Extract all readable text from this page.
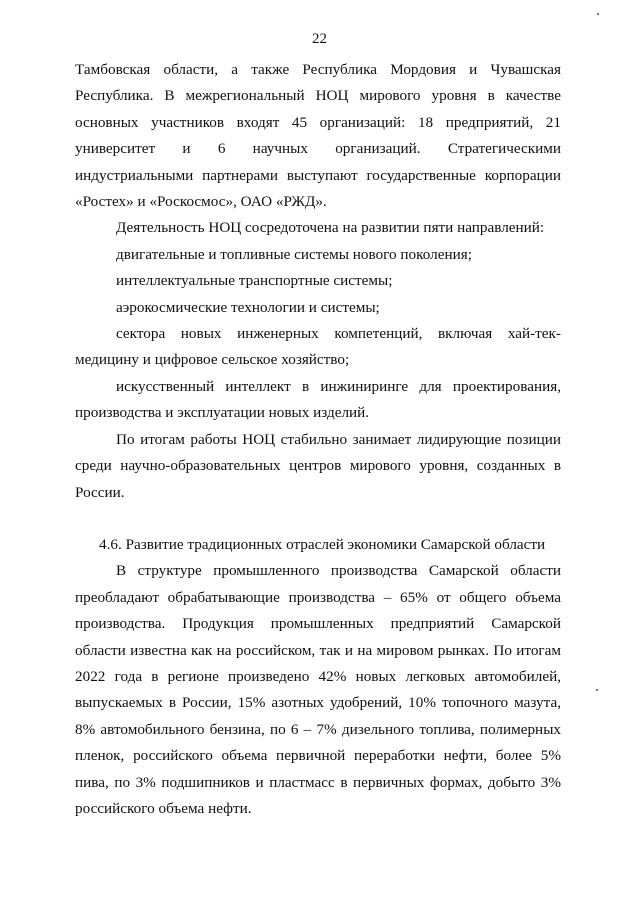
22

Тамбовская области, а также Республика Мордовия и Чувашская Республика. В межрегиональный НОЦ мирового уровня в качестве основных участников входят 45 организаций: 18 предприятий, 21 университет и 6 научных организаций. Стратегическими индустриальными партнерами выступают государственные корпорации «Ростех» и «Роскосмос», ОАО «РЖД».

Деятельность НОЦ сосредоточена на развитии пяти направлений:

двигательные и топливные системы нового поколения;

интеллектуальные транспортные системы;

аэрокосмические технологии и системы;

сектора новых инженерных компетенций, включая хай-тек-медицину и цифровое сельское хозяйство;

искусственный интеллект в инжиниринге для проектирования, производства и эксплуатации новых изделий.

По итогам работы НОЦ стабильно занимает лидирующие позиции среди научно-образовательных центров мирового уровня, созданных в России.

4.6. Развитие традиционных отраслей экономики Самарской области

В структуре промышленного производства Самарской области преобладают обрабатывающие производства – 65% от общего объема производства. Продукция промышленных предприятий Самарской области известна как на российском, так и на мировом рынках. По итогам 2022 года в регионе произведено 42% новых легковых автомобилей, выпускаемых в России, 15% азотных удобрений, 10% топочного мазута, 8% автомобильного бензина, по 6 – 7% дизельного топлива, полимерных пленок, российского объема первичной переработки нефти, более 5% пива, по 3% подшипников и пластмасс в первичных формах, добыто 3% российского объема нефти.
